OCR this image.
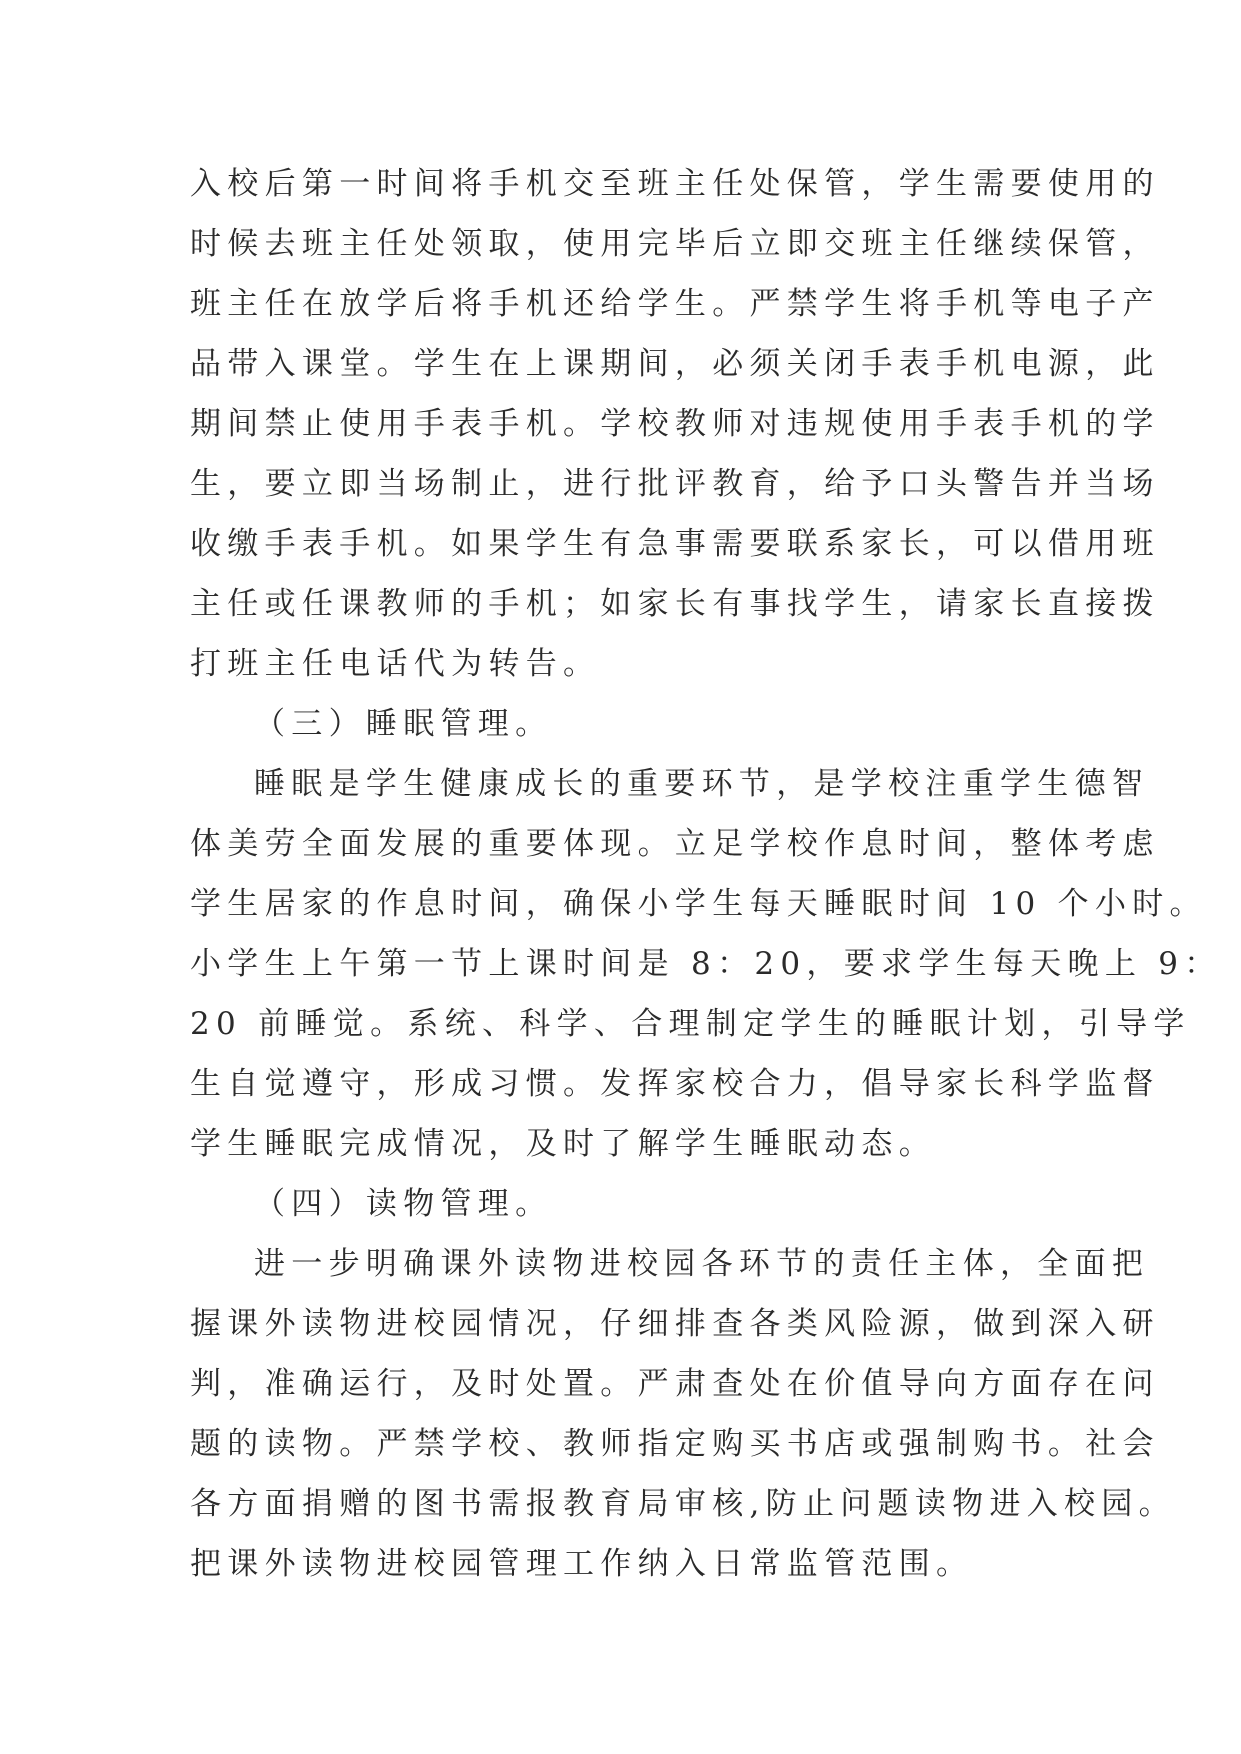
入校后第一时间将手机交至班主任处保管，学生需要使用的
时候去班主任处领取，使用完毕后立即交班主任继续保管，
班主任在放学后将手机还给学生。严禁学生将手机等电子产
品带入课堂。学生在上课期间，必须关闭手表手机电源，此
期间禁止使用手表手机。学校教师对违规使用手表手机的学
生，要立即当场制止，进行批评教育，给予口头警告并当场
收缴手表手机。如果学生有急事需要联系家长，可以借用班
主任或任课教师的手机；如家长有事找学生，请家长直接拨
打班主任电话代为转告。
（三）睡眠管理。
睡眠是学生健康成长的重要环节，是学校注重学生德智
体美劳全面发展的重要体现。立足学校作息时间，整体考虑
学生居家的作息时间，确保小学生每天睡眠时间 10 个小时。
小学生上午第一节上课时间是 8：20，要求学生每天晚上 9：
20 前睡觉。系统、科学、合理制定学生的睡眠计划，引导学
生自觉遵守，形成习惯。发挥家校合力，倡导家长科学监督
学生睡眠完成情况，及时了解学生睡眠动态。
（四）读物管理。
进一步明确课外读物进校园各环节的责任主体，全面把
握课外读物进校园情况，仔细排查各类风险源，做到深入研
判，准确运行，及时处置。严肃查处在价值导向方面存在问
题的读物。严禁学校、教师指定购买书店或强制购书。社会
各方面捐赠的图书需报教育局审核,防止问题读物进入校园。
把课外读物进校园管理工作纳入日常监管范围。
